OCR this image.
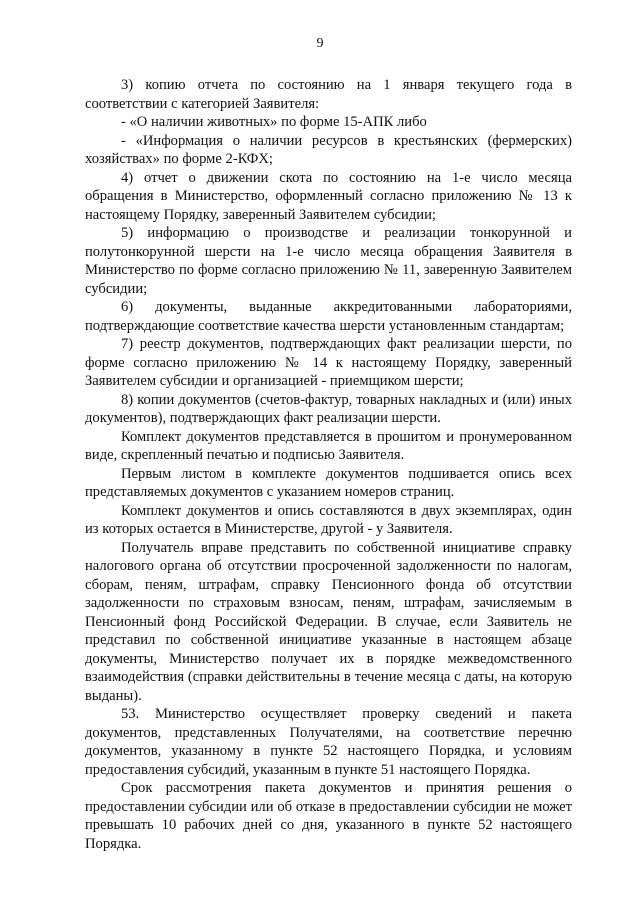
9

3) копию отчета по состоянию на 1 января текущего года в соответствии с категорией Заявителя:

- «О наличии животных» по форме 15-АПК либо

- «Информация о наличии ресурсов в крестьянских (фермерских) хозяйствах» по форме 2-КФХ;

4) отчет о движении скота по состоянию на 1-е число месяца обращения в Министерство, оформленный согласно приложению № 13 к настоящему Порядку, заверенный Заявителем субсидии;

5) информацию о производстве и реализации тонкорунной и полутонкорунной шерсти на 1-е число месяца обращения Заявителя в Министерство по форме согласно приложению № 11, заверенную Заявителем субсидии;

6) документы, выданные аккредитованными лабораториями, подтверждающие соответствие качества шерсти установленным стандартам;

7) реестр документов, подтверждающих факт реализации шерсти, по форме согласно приложению № 14 к настоящему Порядку, заверенный Заявителем субсидии и организацией - приемщиком шерсти;

8) копии документов (счетов-фактур, товарных накладных и (или) иных документов), подтверждающих факт реализации шерсти.

Комплект документов представляется в прошитом и пронумерованном виде, скрепленный печатью и подписью Заявителя.

Первым листом в комплекте документов подшивается опись всех представляемых документов с указанием номеров страниц.

Комплект документов и опись составляются в двух экземплярах, один из которых остается в Министерстве, другой - у Заявителя.

Получатель вправе представить по собственной инициативе справку налогового органа об отсутствии просроченной задолженности по налогам, сборам, пеням, штрафам, справку Пенсионного фонда об отсутствии задолженности по страховым взносам, пеням, штрафам, зачисляемым в Пенсионный фонд Российской Федерации. В случае, если Заявитель не представил по собственной инициативе указанные в настоящем абзаце документы, Министерство получает их в порядке межведомственного взаимодействия (справки действительны в течение месяца с даты, на которую выданы).

53. Министерство осуществляет проверку сведений и пакета документов, представленных Получателями, на соответствие перечню документов, указанному в пункте 52 настоящего Порядка, и условиям предоставления субсидий, указанным в пункте 51 настоящего Порядка.

Срок рассмотрения пакета документов и принятия решения о предоставлении субсидии или об отказе в предоставлении субсидии не может превышать 10 рабочих дней со дня, указанного в пункте 52 настоящего Порядка.
